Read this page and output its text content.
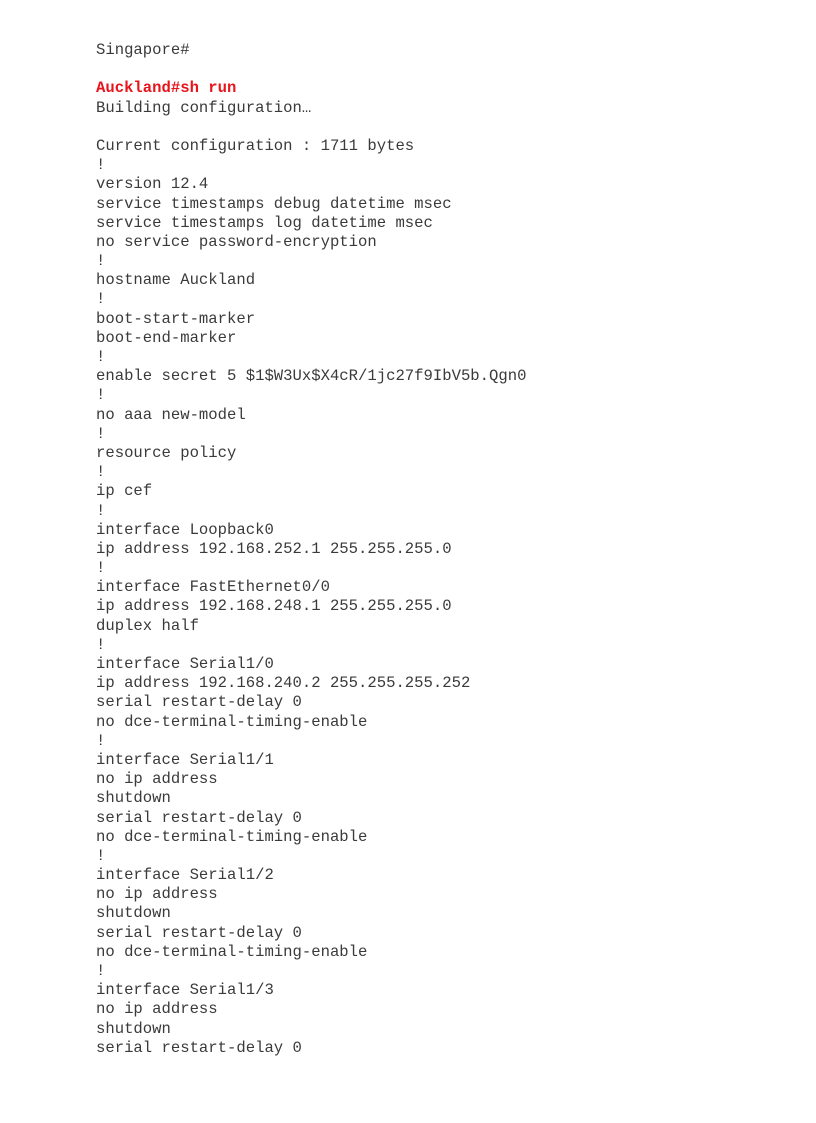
Singapore#
Auckland#sh run
Building configuration…
Current configuration : 1711 bytes
!
version 12.4
service timestamps debug datetime msec
service timestamps log datetime msec
no service password-encryption
!
hostname Auckland
!
boot-start-marker
boot-end-marker
!
enable secret 5 $1$W3Ux$X4cR/1jc27f9IbV5b.Qgn0
!
no aaa new-model
!
resource policy
!
ip cef
!
interface Loopback0
ip address 192.168.252.1 255.255.255.0
!
interface FastEthernet0/0
ip address 192.168.248.1 255.255.255.0
duplex half
!
interface Serial1/0
ip address 192.168.240.2 255.255.255.252
serial restart-delay 0
no dce-terminal-timing-enable
!
interface Serial1/1
no ip address
shutdown
serial restart-delay 0
no dce-terminal-timing-enable
!
interface Serial1/2
no ip address
shutdown
serial restart-delay 0
no dce-terminal-timing-enable
!
interface Serial1/3
no ip address
shutdown
serial restart-delay 0
